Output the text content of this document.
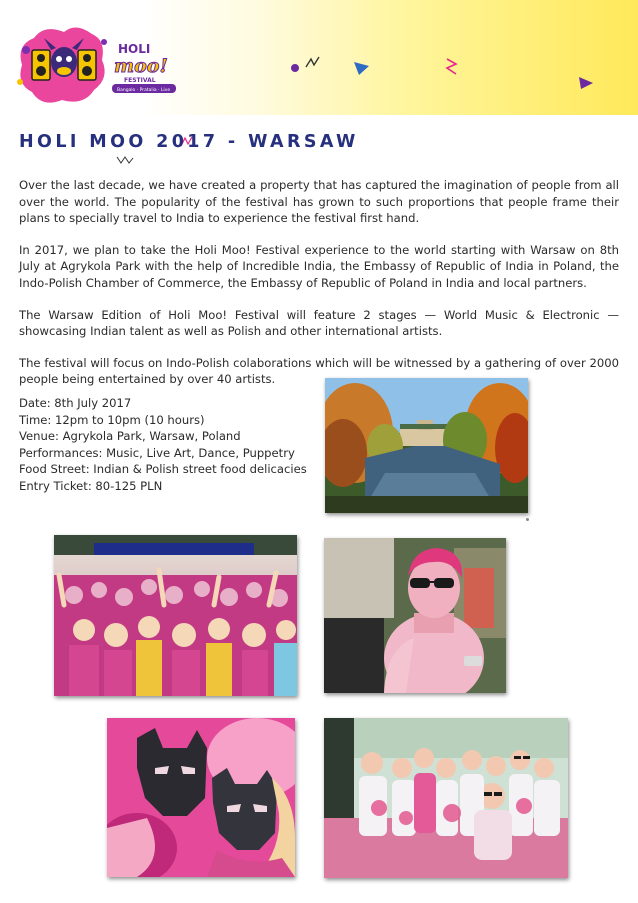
HOLI
moo!
FESTIVAL
Bangalo · Pratalia · Live
HOLI MOO 2017 - WARSAW

Over the last decade, we have created a property that has captured the imagination of people from all over the world. The popularity of the festival has grown to such proportions that people frame their plans to specially travel to India to experience the festival first hand.

In 2017, we plan to take the Holi Moo! Festival experience to the world starting with Warsaw on 8th July at Agrykola Park with the help of Incredible India, the Embassy of Republic of India in Poland, the Indo-Polish Chamber of Commerce, the Embassy of Republic of Poland in India and local partners.

The Warsaw Edition of Holi Moo! Festival will feature 2 stages — World Music & Electronic — showcasing Indian talent as well as Polish and other international artists.

The festival will focus on Indo-Polish colaborations which will be witnessed by a gathering of over 2000 people being entertained by over 40 artists.

Date: 8th July 2017
Time: 12pm to 10pm (10 hours)
Venue: Agrykola Park, Warsaw, Poland
Performances: Music, Live Art, Dance, Puppetry
Food Street: Indian & Polish street food delicacies
Entry Ticket: 80-125 PLN
